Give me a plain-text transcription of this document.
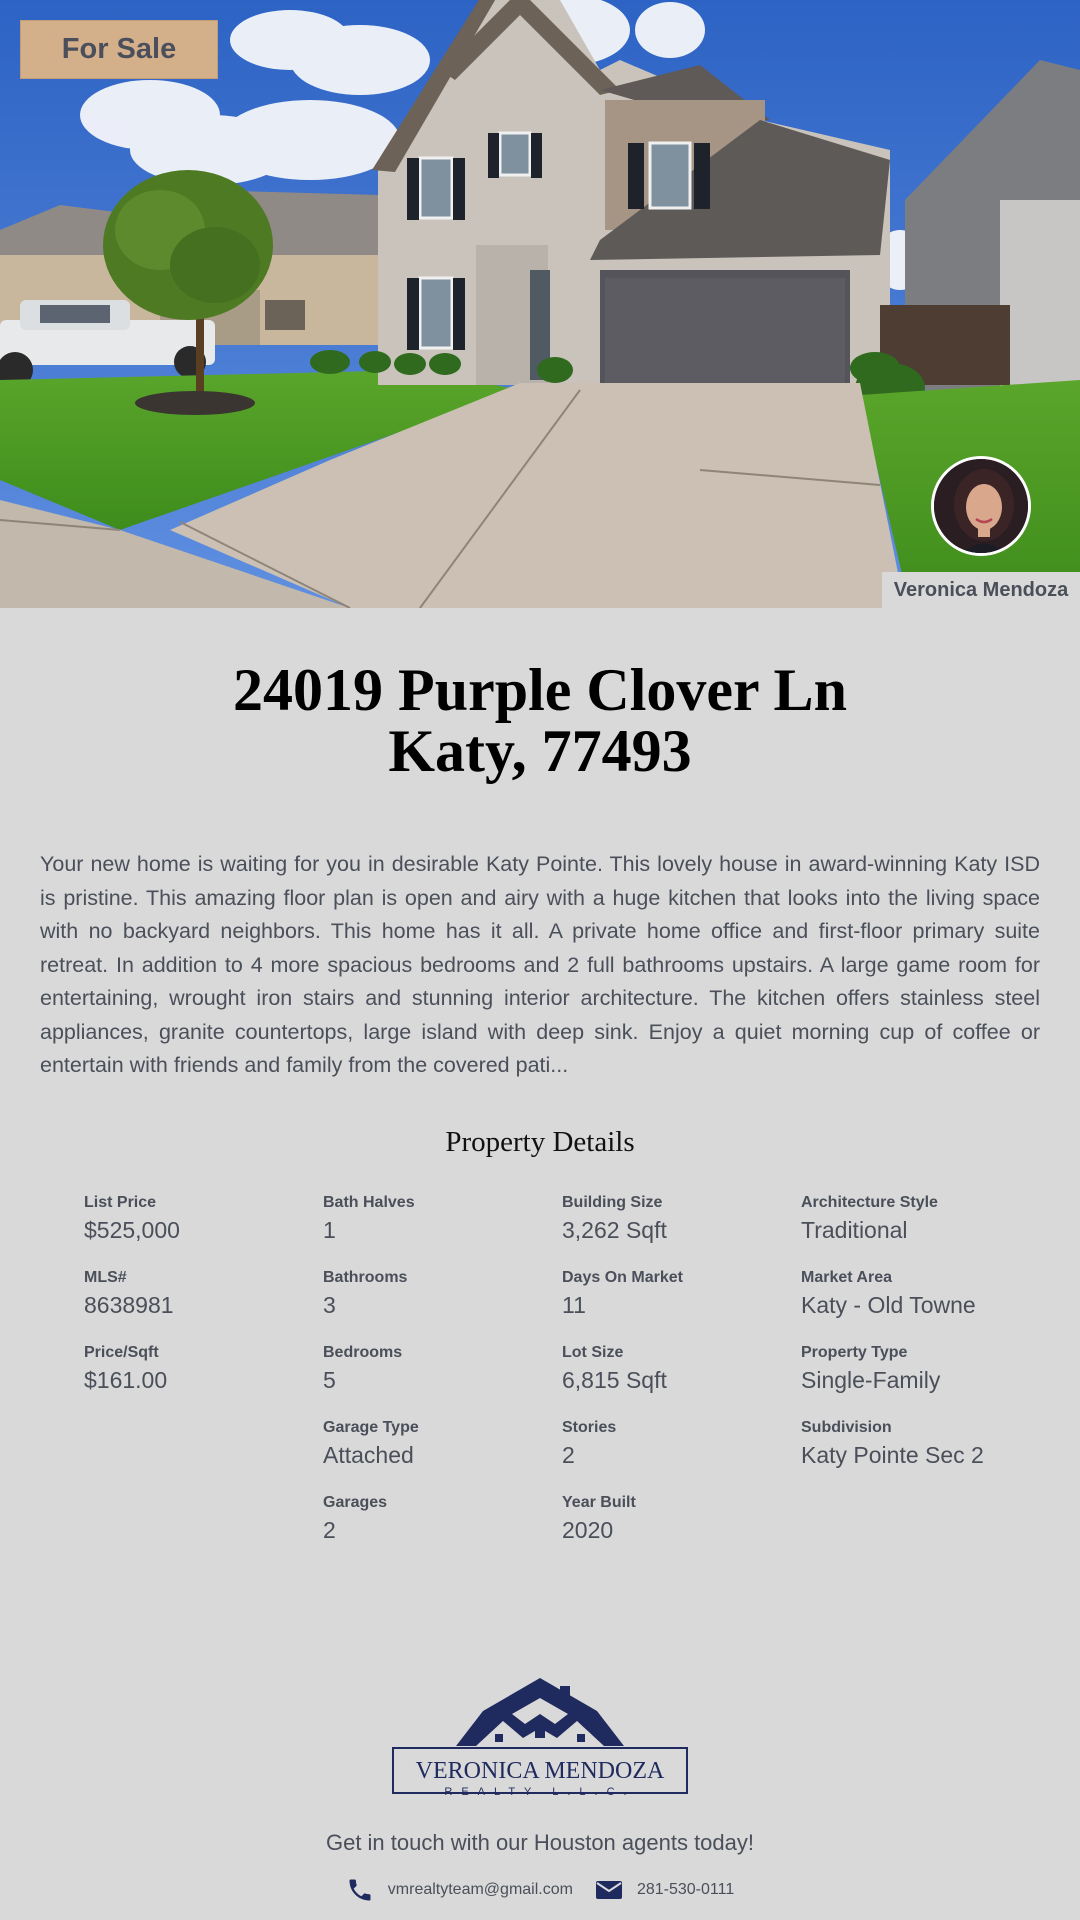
For Sale
Veronica Mendoza
24019 Purple Clover Ln
Katy, 77493
Your new home is waiting for you in desirable Katy Pointe. This lovely house in award-winning Katy ISD is pristine. This amazing floor plan is open and airy with a huge kitchen that looks into the living space with no backyard neighbors. This home has it all. A private home office and first-floor primary suite retreat. In addition to 4 more spacious bedrooms and 2 full bathrooms upstairs. A large game room for entertaining, wrought iron stairs and stunning interior architecture. The kitchen offers stainless steel appliances, granite countertops, large island with deep sink. Enjoy a quiet morning cup of coffee or entertain with friends and family from the covered pati...
Property Details
List Price
$525,000
MLS#
8638981
Price/Sqft
$161.00
Bath Halves
1
Bathrooms
3
Bedrooms
5
Garage Type
Attached
Garages
2
Building Size
3,262 Sqft
Days On Market
11
Lot Size
6,815 Sqft
Stories
2
Year Built
2020
Architecture Style
Traditional
Market Area
Katy - Old Towne
Property Type
Single-Family
Subdivision
Katy Pointe Sec 2
VERONICA MENDOZA
REALTY L.L.C.
Get in touch with our Houston agents today!
vmrealtyteam@gmail.com	281-530-0111
